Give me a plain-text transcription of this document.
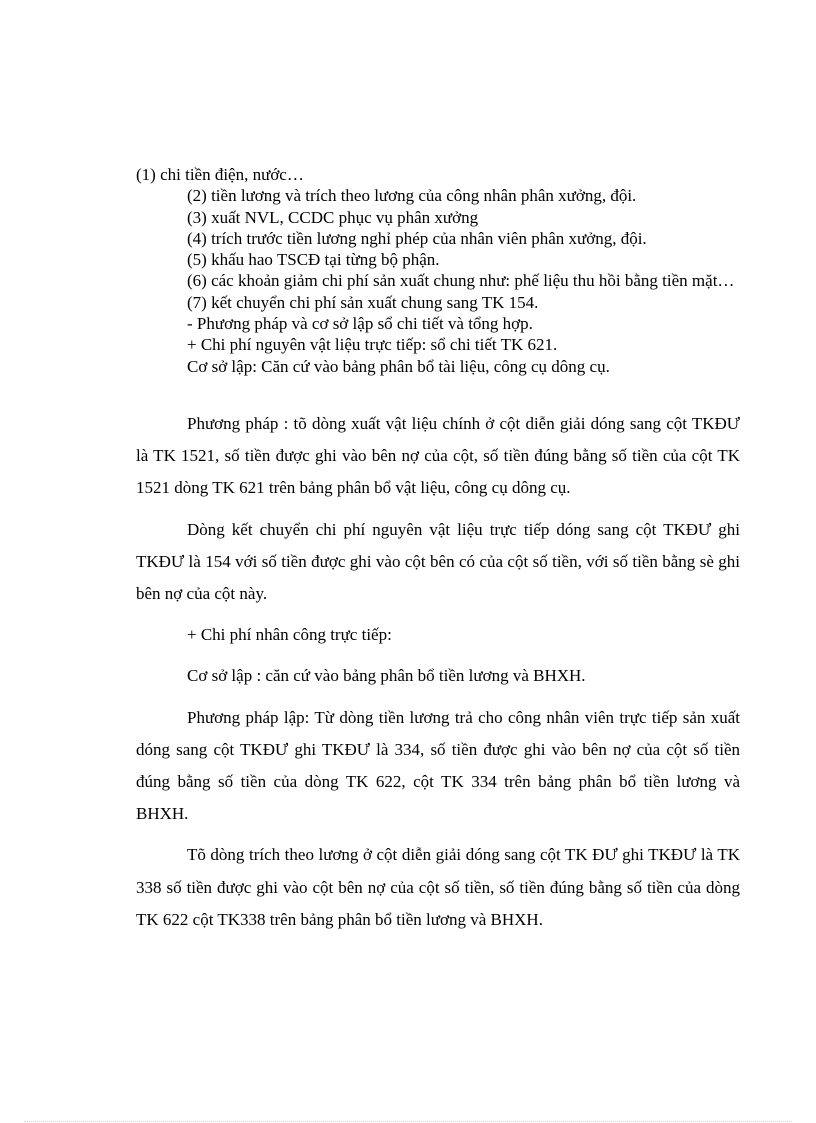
(1) chi tiền điện, nước…

(2) tiền lương và trích theo lương của công nhân phân xưởng, đội.

(3) xuất NVL, CCDC phục vụ phân xưởng

(4) trích trước tiền lương nghỉ phép của nhân viên phân xưởng, đội.

(5) khấu hao TSCĐ tại từng bộ phận.

(6) các khoản giảm chi phí sản xuất chung như: phế liệu thu hồi bằng tiền mặt…

(7) kết chuyển chi phí sản xuất chung sang TK 154.

- Phương pháp và cơ sở lập sổ chi tiết và tổng hợp.

+ Chi phí nguyên vật liệu trực tiếp: sổ chi tiết TK 621.

Cơ sở lập: Căn cứ vào bảng phân bổ tài liệu, công cụ dông cụ.

Phương pháp : tõ dòng xuất vật liệu chính ở cột diễn giải dóng sang cột TKĐƯ là TK 1521, số tiền được ghi vào bên nợ của cột, số tiền đúng bằng số tiền của cột TK 1521 dòng TK 621 trên bảng phân bổ vật liệu, công cụ dông cụ.

Dòng kết chuyển chi phí nguyên vật liệu trực tiếp dóng sang cột TKĐƯ ghi TKĐƯ là 154 với số tiền được ghi vào cột bên có của cột số tiền, với số tiền bằng sè ghi bên nợ của cột này.

+ Chi phí nhân công trực tiếp:

Cơ sở lập : căn cứ vào bảng phân bổ tiền lương và BHXH.

Phương pháp lập: Từ dòng tiền lương trả cho công nhân viên trực tiếp sản xuất dóng sang cột TKĐƯ ghi TKĐƯ là 334, số tiền được ghi vào bên nợ của cột số tiền đúng bằng số tiền của dòng TK 622, cột TK 334 trên bảng phân bổ tiền lương và BHXH.

Tõ dòng trích theo lương ở cột diễn giải dóng sang cột TK ĐƯ ghi TKĐƯ là TK 338 số tiền được ghi vào cột bên nợ của cột số tiền, số tiền đúng bằng số tiền của dòng TK 622 cột TK338 trên bảng phân bổ tiền lương và BHXH.
